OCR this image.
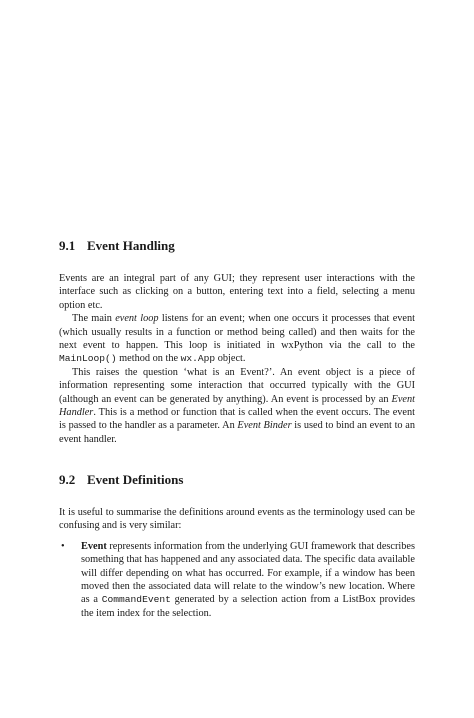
9.1 Event Handling

Events are an integral part of any GUI; they represent user interactions with the interface such as clicking on a button, entering text into a field, selecting a menu option etc.

The main event loop listens for an event; when one occurs it processes that event (which usually results in a function or method being called) and then waits for the next event to happen. This loop is initiated in wxPython via the call to the MainLoop() method on the wx.App object.

This raises the question ‘what is an Event?’. An event object is a piece of information representing some interaction that occurred typically with the GUI (although an event can be generated by anything). An event is processed by an Event Handler. This is a method or function that is called when the event occurs. The event is passed to the handler as a parameter. An Event Binder is used to bind an event to an event handler.

9.2 Event Definitions

It is useful to summarise the definitions around events as the terminology used can be confusing and is very similar:

• Event represents information from the underlying GUI framework that describes something that has happened and any associated data. The specific data available will differ depending on what has occurred. For example, if a window has been moved then the associated data will relate to the window’s new location. Where as a CommandEvent generated by a selection action from a ListBox provides the item index for the selection.
